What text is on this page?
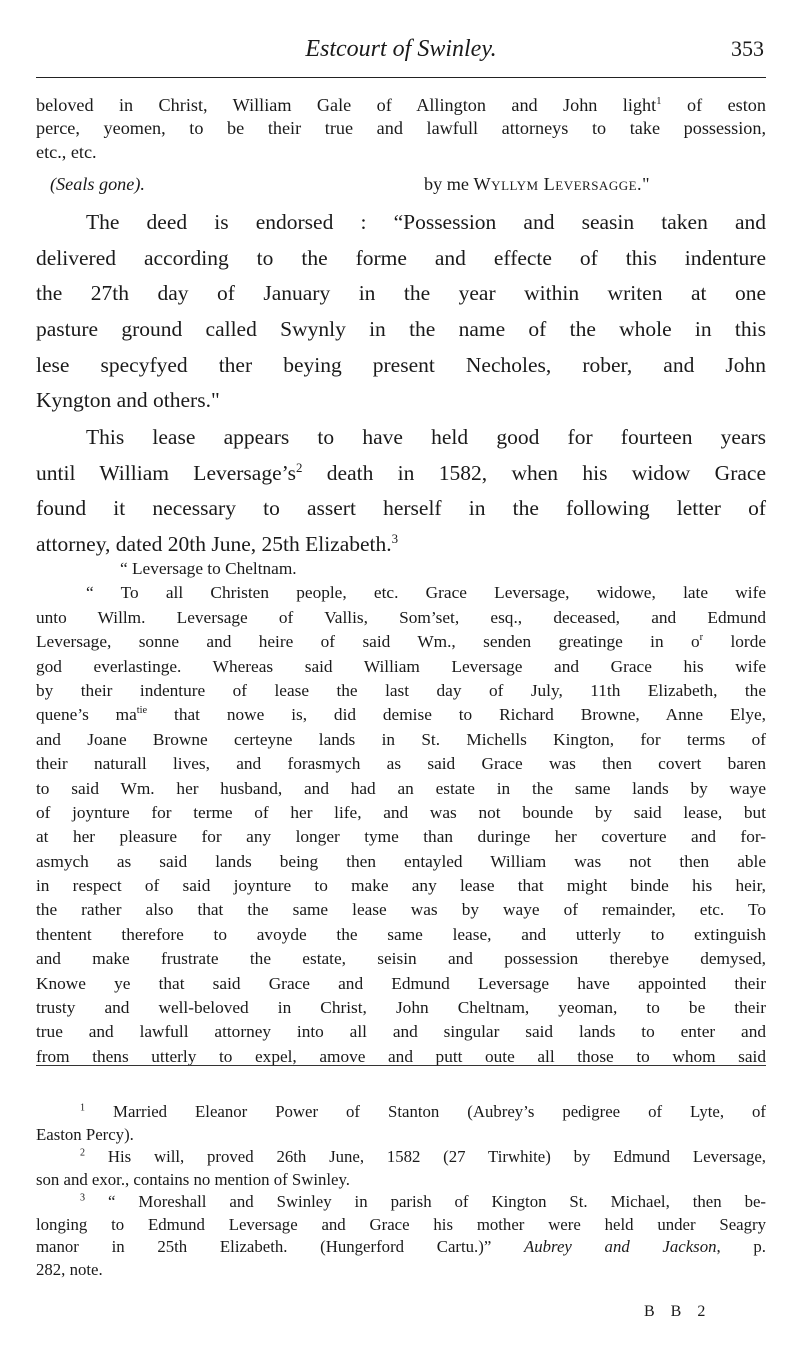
Estcourt of Swinley.	353
beloved in Christ, William Gale of Allington and John light$^1$ of eston
perce, yeomen, to be their true and lawfull attorneys to take possession,
etc., etc.
(Seals gone).	by me Wyllym Leversagge."
The deed is endorsed : “Possession and seasin taken and
delivered according to the forme and effecte of this indenture
the 27th day of January in the year within writen at one
pasture ground called Swynly in the name of the whole in this
lese specyfyed ther beying present Necholes, rober, and John
Kyngton and others."
This lease appears to have held good for fourteen years
until William $Leversage’s^2$ death in 1582, when his widow Grace
found it necessary to assert herself in the following letter of
attorney, dated 20th June, 25th Elizabeth.$^3$
“ Leversage to Cheltnam.
“ To all Christen people, etc. Grace Leversage, widowe, late wife
unto Willm. Leversage of Vallis, Som’set, esq., deceased, and Edmund
Leversage, sonne and heire of said Wm., senden greatinge in $o^r$ lorde
god everlastinge. Whereas said William Leversage and Grace his wife
by their indenture of lease the last day of July, 11th Elizabeth, the
quene’s $ma^{tie}$ that nowe is, did demise to Richard Browne, Anne Elye,
and Joane Browne certeyne lands in St. Michells Kington, for terms of
their naturall lives, and forasmych as said Grace was then covert baren
to said Wm. her husband, and had an estate in the same lands by waye
of joynture for terme of her life, and was not bounde by said lease, but
at her pleasure for any longer tyme than duringe her coverture and for-
asmych as said lands being then entayled William was not then able
in respect of said joynture to make any lease that might binde his heir,
the rather also that the same lease was by waye of remainder, etc. To
thentent therefore to avoyde the same lease, and utterly to extinguish
and make frustrate the estate, seisin and possession therebye demysed,
Knowe ye that said Grace and Edmund Leversage have appointed their
trusty and well-beloved in Christ, John Cheltnam, yeoman, to be their
true and lawfull attorney into all and singular said lands to enter and
from thens utterly to expel, amove and putt oute all those to whom said
$^1$ Married Eleanor Power of Stanton (Aubrey’s pedigree of Lyte, of
Easton Percy).
$^2$ His will, proved 26th June, 1582 (27 Tirwhite) by Edmund Leversage,
son and exor., contains no mention of Swinley.
$^3$ “ Moreshall and Swinley in parish of Kington St. Michael, then be-
longing to Edmund Leversage and Grace his mother were held under Seagry
manor in 25th Elizabeth. (Hungerford Cartu.)” Aubrey and Jackson, p.
282, note.
B B 2
